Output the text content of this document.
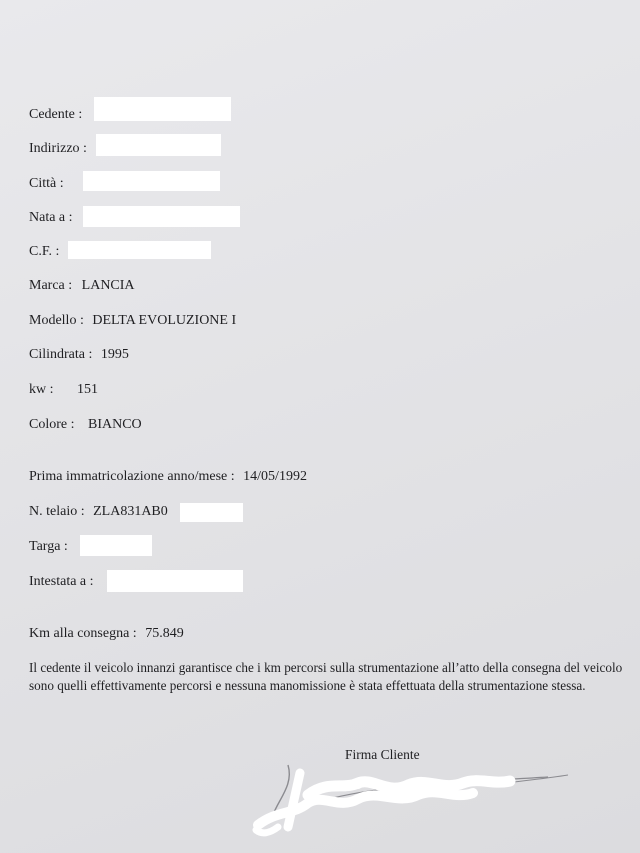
Cedente :
Indirizzo :
Città :
Nata a :
C.F. :
Marca : LANCIA
Modello : DELTA EVOLUZIONE I
Cilindrata : 1995
kw : 151
Colore : BIANCO
Prima immatricolazione anno/mese : 14/05/1992
N. telaio : ZLA831AB0
Targa :
Intestata a :
Km alla consegna : 75.849
Il cedente il veicolo innanzi garantisce che i km percorsi sulla strumentazione all’atto della consegna del veicolo sono quelli effettivamente percorsi e nessuna manomissione è stata effettuata della strumentazione stessa.
Firma Cliente
